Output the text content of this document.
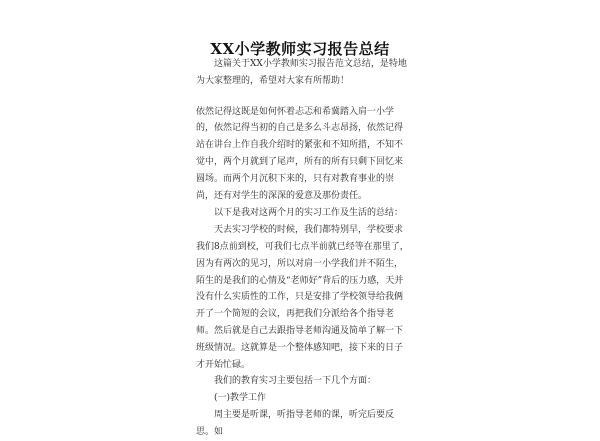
XX小学教师实习报告总结

这篇关于XX小学教师实习报告范文总结，是特地为大家整理的，希望对大家有所帮助！

依然记得这既是如何怀着忐忑和希冀踏入肩一小学的，依然记得当初的自己是多么斗志昂扬，依然记得站在讲台上作自我介绍时的紧张和不知所措，不知不觉中，两个月就到了尾声，所有的所有只剩下回忆来圆场。而两个月沉积下来的，只有对教育事业的崇尚，还有对学生的深深的爱意及那份责任。

以下是我对这两个月的实习工作及生活的总结：

天去实习学校的时候，我们都特别早，学校要求我们8点前到校，可我们七点半前就已经等在那里了，因为有两次的见习，所以对肩一小学我们并不陌生，陌生的是我们的心情及“老师好”背后的压力感，天并没有什么实质性的工作，只是安排了学校领导给我俩开了一个简短的会议，再把我们分派给各个指导老师。然后就是自己去跟指导老师沟通及简单了解一下班级情况。这就算是一个整体感知吧，接下来的日子才开始忙碌。

我们的教育实习主要包括一下几个方面：

(一)教学工作

周主要是听课，听指导老师的课，听完后要反思。如
